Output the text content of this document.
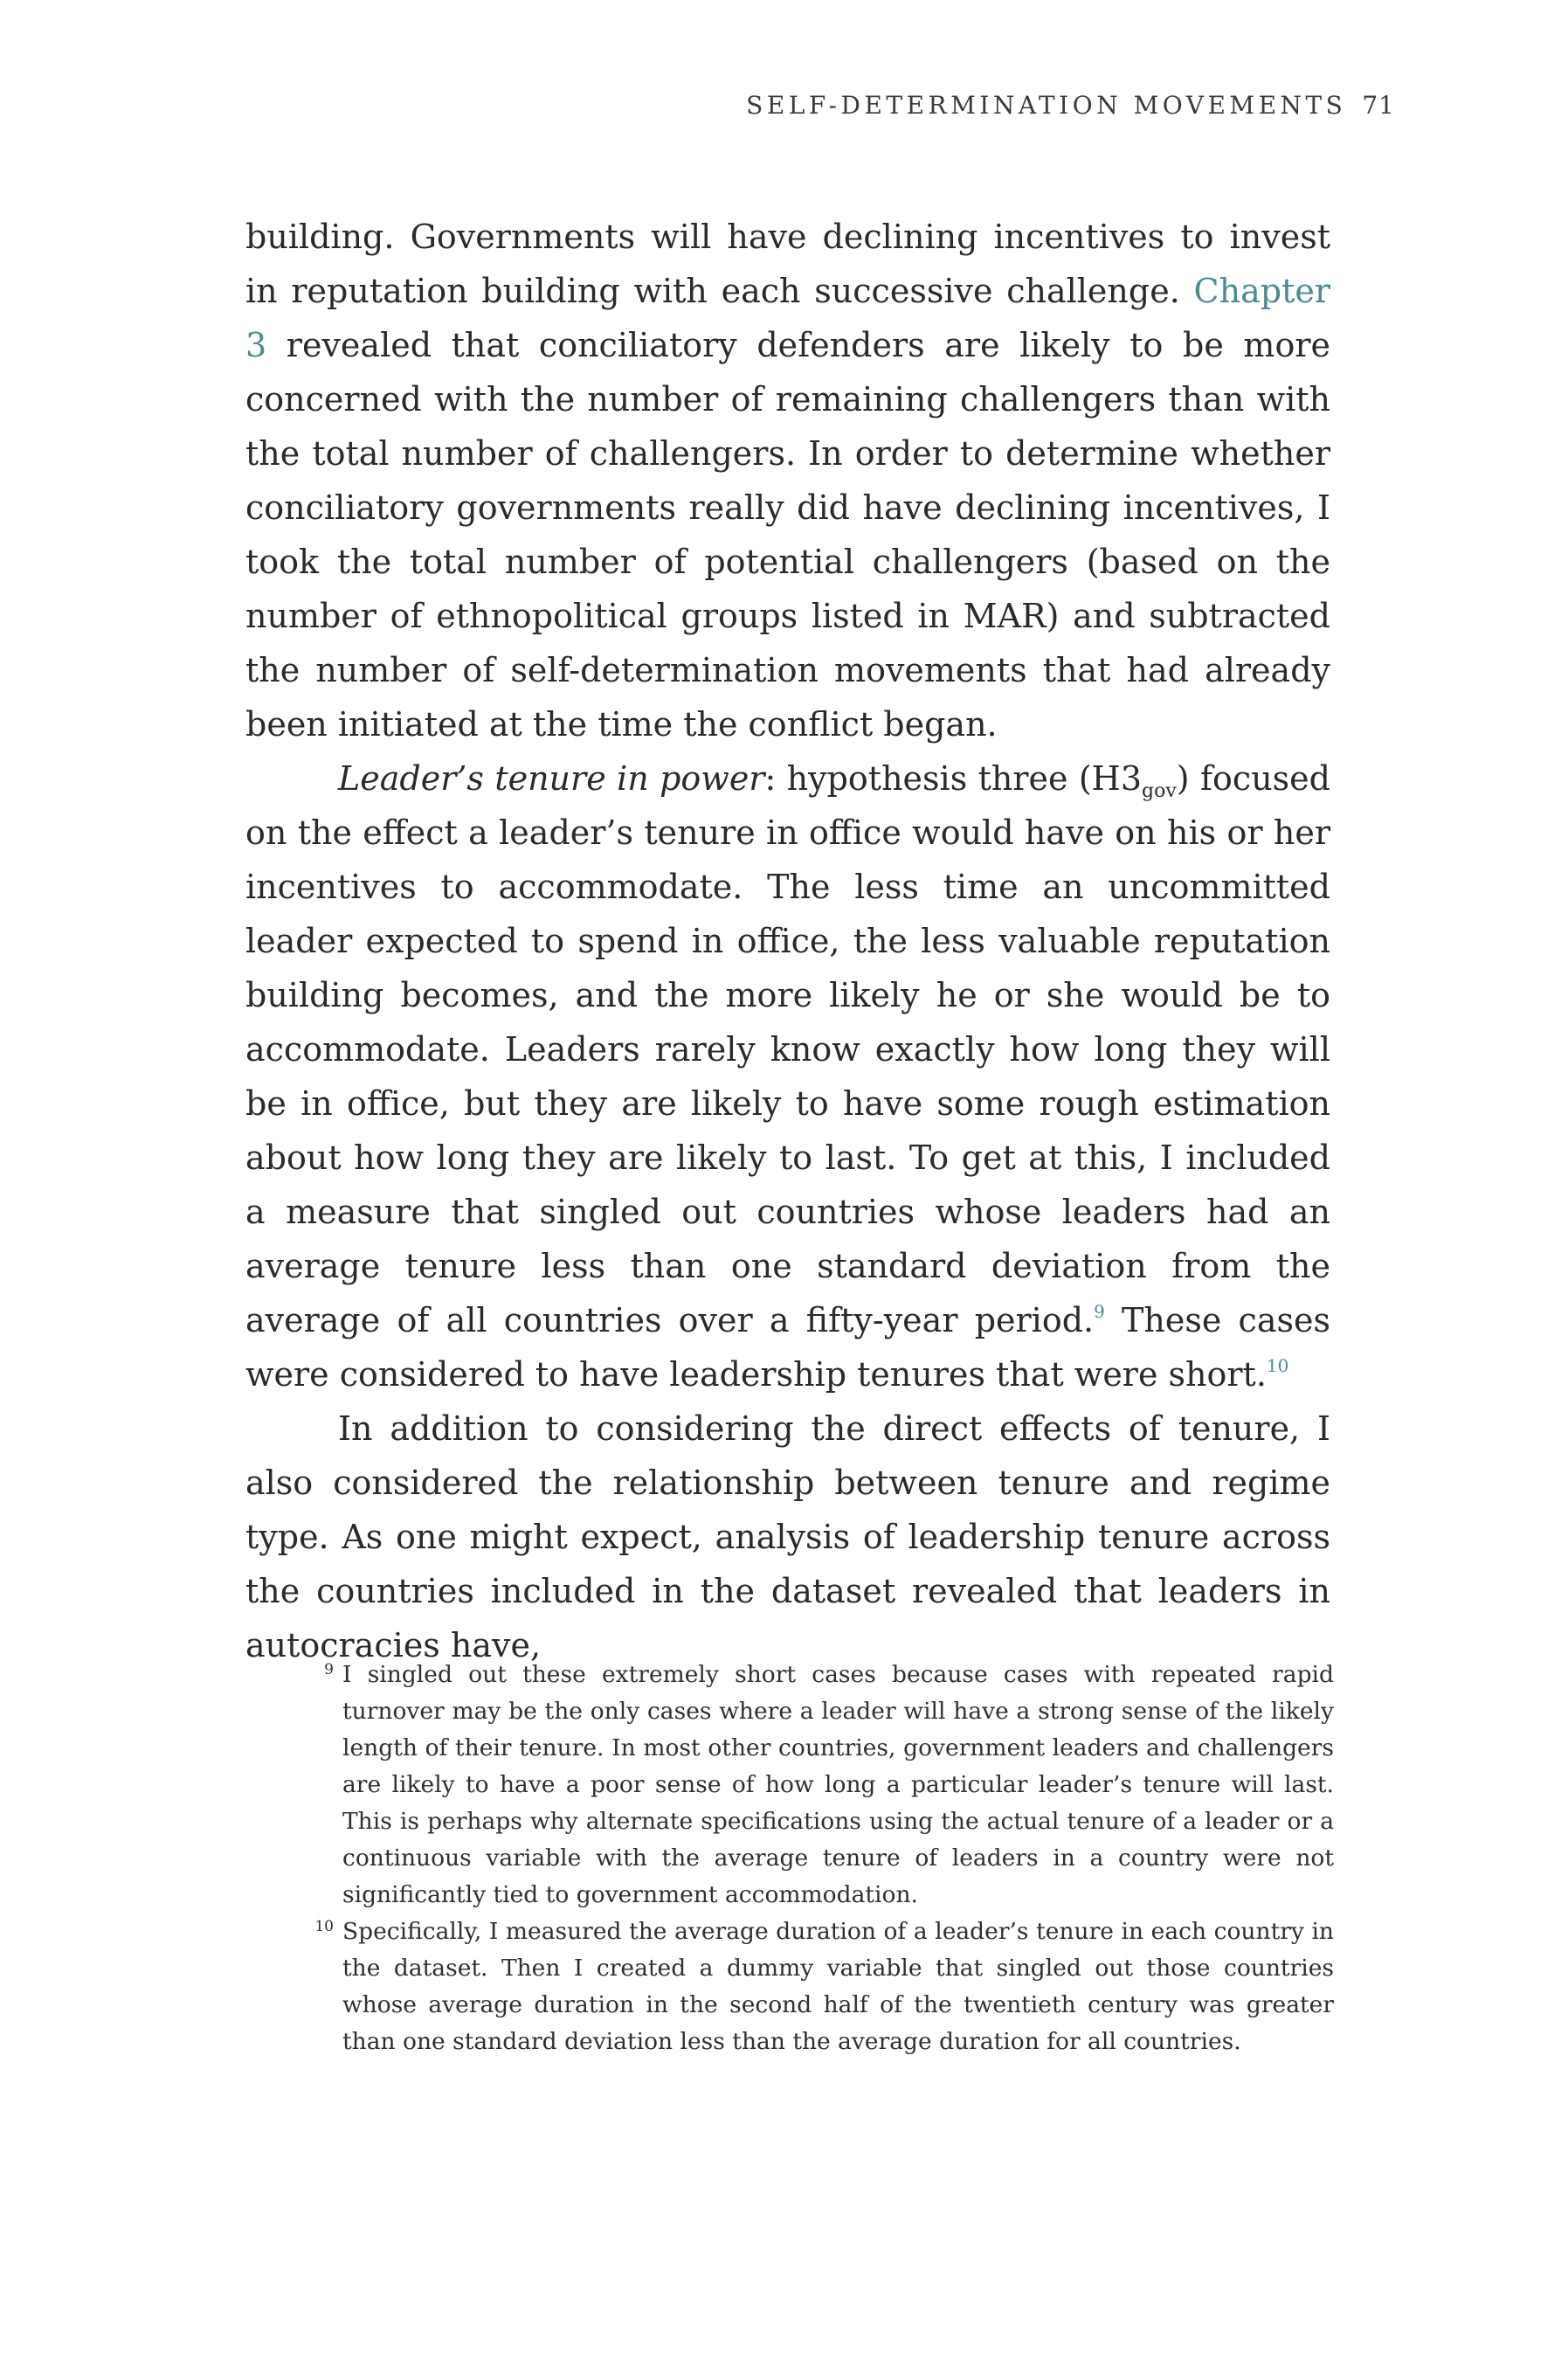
SELF-DETERMINATION MOVEMENTS 71

building. Governments will have declining incentives to invest in reputation building with each successive challenge. Chapter 3 revealed that conciliatory defenders are likely to be more concerned with the number of remaining challengers than with the total number of challengers. In order to determine whether conciliatory governments really did have declining incentives, I took the total number of potential challengers (based on the number of ethnopolitical groups listed in MAR) and subtracted the number of self-determination movements that had already been initiated at the time the conflict began.

Leader’s tenure in power: hypothesis three $(H3_{gov})$ focused on the effect a leader’s tenure in office would have on his or her incentives to accommodate. The less time an uncommitted leader expected to spend in office, the less valuable reputation building becomes, and the more likely he or she would be to accommodate. Leaders rarely know exactly how long they will be in office, but they are likely to have some rough estimation about how long they are likely to last. To get at this, I included a measure that singled out countries whose leaders had an average tenure less than one standard deviation from the average of all countries over a fifty-year period.$^9$ These cases were considered to have leadership tenures that were short.$^{10}$

In addition to considering the direct effects of tenure, I also considered the relationship between tenure and regime type. As one might expect, analysis of leadership tenure across the countries included in the dataset revealed that leaders in autocracies have,

9 I singled out these extremely short cases because cases with repeated rapid turnover may be the only cases where a leader will have a strong sense of the likely length of their tenure. In most other countries, government leaders and challengers are likely to have a poor sense of how long a particular leader’s tenure will last. This is perhaps why alternate specifications using the actual tenure of a leader or a continuous variable with the average tenure of leaders in a country were not significantly tied to government accommodation.

10 Specifically, I measured the average duration of a leader’s tenure in each country in the dataset. Then I created a dummy variable that singled out those countries whose average duration in the second half of the twentieth century was greater than one standard deviation less than the average duration for all countries.
